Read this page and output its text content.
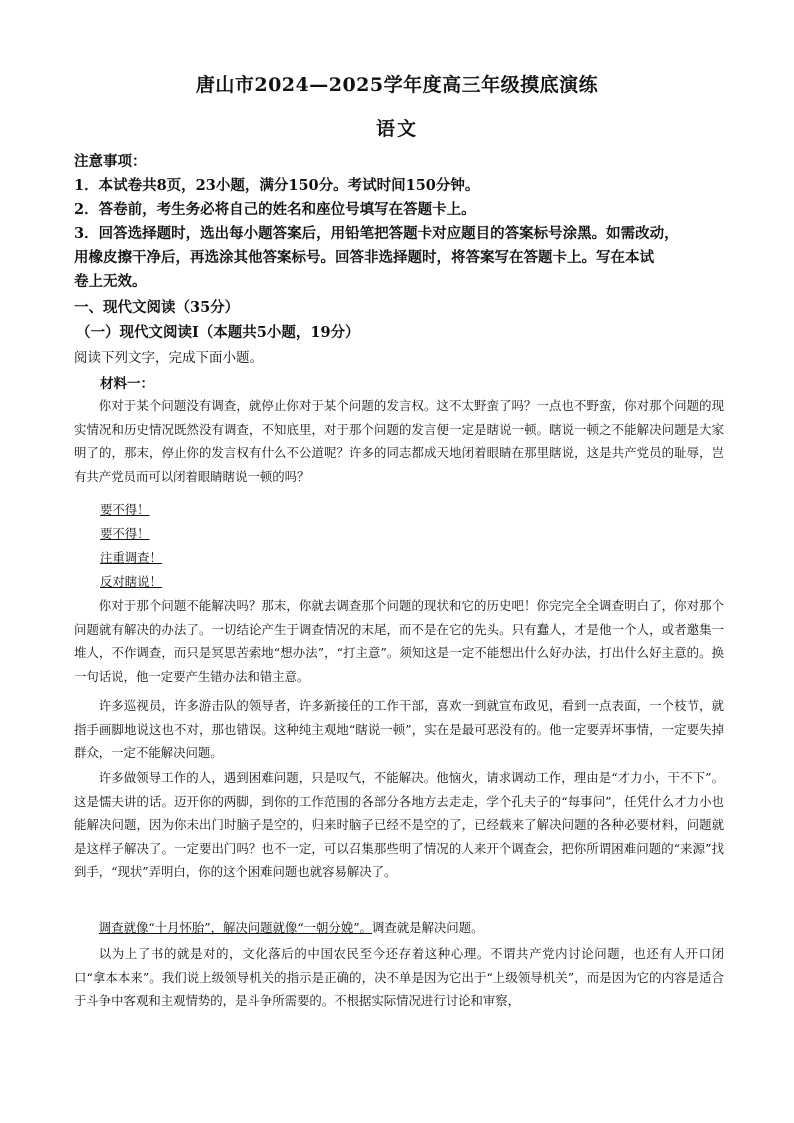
唐山市2024—2025学年度高三年级摸底演练
语文
注意事项：
1．本试卷共8页，23小题，满分150分。考试时间150分钟。
2．答卷前，考生务必将自己的姓名和座位号填写在答题卡上。
3．回答选择题时，选出每小题答案后，用铅笔把答题卡对应题目的答案标号涂黑。如需改动，
用橡皮擦干净后，再选涂其他答案标号。回答非选择题时，将答案写在答题卡上。写在本试
卷上无效。
一、现代文阅读（35分）
（一）现代文阅读Ⅰ（本题共5小题，19分）
阅读下列文字，完成下面小题。
材料一：

你对于某个问题没有调查，就停止你对于某个问题的发言权。这不太野蛮了吗？一点也不野蛮，你对那个问题的现实情况和历史情况既然没有调查，不知底里，对于那个问题的发言便一定是瞎说一顿。瞎说一顿之不能解决问题是大家明了的，那末，停止你的发言权有什么不公道呢？许多的同志都成天地闭着眼睛在那里瞎说，这是共产党员的耻辱，岂有共产党员而可以闭着眼睛瞎说一顿的吗？

要不得！
要不得！
注重调查！
反对瞎说！

你对于那个问题不能解决吗？那末，你就去调查那个问题的现状和它的历史吧！你完完全全调查明白了，你对那个问题就有解决的办法了。一切结论产生于调查情况的末尾，而不是在它的先头。只有蠢人，才是他一个人，或者邀集一堆人，不作调查，而只是冥思苦索地“想办法”，“打主意”。须知这是一定不能想出什么好办法，打出什么好主意的。换一句话说，他一定要产生错办法和错主意。

许多巡视员，许多游击队的领导者，许多新接任的工作干部，喜欢一到就宣布政见，看到一点表面，一个枝节，就指手画脚地说这也不对，那也错误。这种纯主观地“瞎说一顿”，实在是最可恶没有的。他一定要弄坏事情，一定要失掉群众，一定不能解决问题。

许多做领导工作的人，遇到困难问题，只是叹气，不能解决。他恼火，请求调动工作，理由是“才力小，干不下”。这是懦夫讲的话。迈开你的两脚，到你的工作范围的各部分各地方去走走，学个孔夫子的“每事问”，任凭什么才力小也能解决问题，因为你未出门时脑子是空的，归来时脑子已经不是空的了，已经载来了解决问题的各种必要材料，问题就是这样子解决了。一定要出门吗？也不一定，可以召集那些明了情况的人来开个调查会，把你所谓困难问题的“来源”找到手，“现状”弄明白，你的这个困难问题也就容易解决了。

调查就像“十月怀胎”，解决问题就像“一朝分娩”。调查就是解决问题。

以为上了书的就是对的，文化落后的中国农民至今还存着这种心理。不谓共产党内讨论问题，也还有人开口闭口“拿本本来”。我们说上级领导机关的指示是正确的，决不单是因为它出于“上级领导机关”，而是因为它的内容是适合于斗争中客观和主观情势的，是斗争所需要的。不根据实际情况进行讨论和审察，
